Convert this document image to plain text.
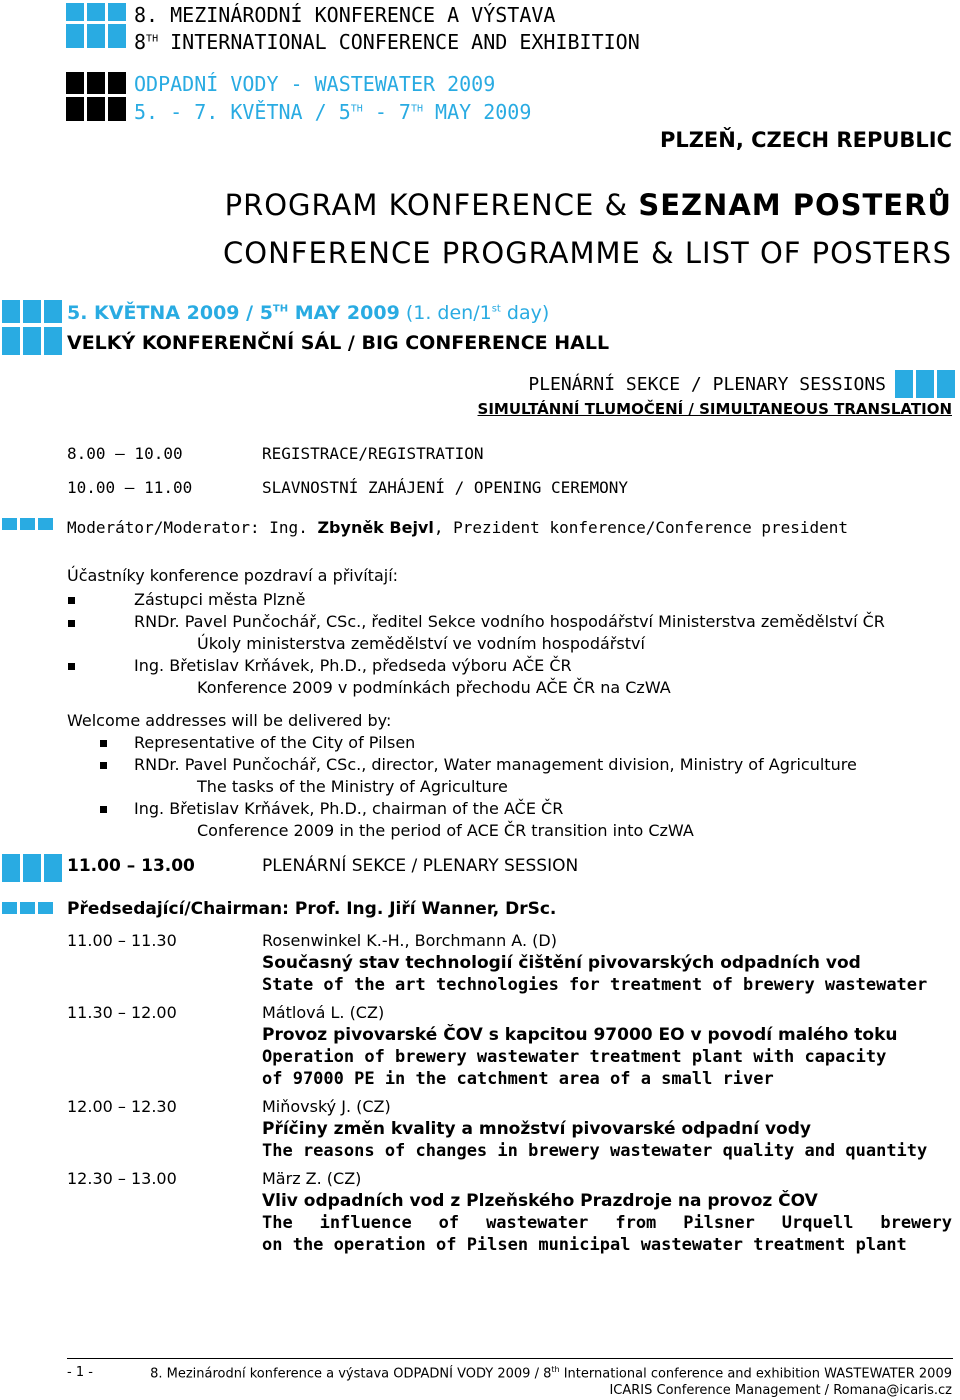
8. MEZINÁRODNÍ KONFERENCE A VÝSTAVA
8TH INTERNATIONAL CONFERENCE AND EXHIBITION
ODPADNÍ VODY - WASTEWATER 2009
5. - 7. KVĚTNA / 5TH - 7TH MAY 2009
PLZEŇ, CZECH REPUBLIC
PROGRAM KONFERENCE & SEZNAM POSTERŮ
CONFERENCE PROGRAMME & LIST OF POSTERS
5. KVĚTNA 2009 / 5TH MAY 2009 (1. den/1st day)
VELKÝ KONFERENČNÍ SÁL / BIG CONFERENCE HALL
PLENÁRNÍ SEKCE / PLENARY SESSIONS
SIMULTÁNNÍ TLUMOČENÍ / SIMULTANEOUS TRANSLATION
8.00 – 10.00	REGISTRACE/REGISTRATION
10.00 – 11.00	SLAVNOSTNÍ ZAHÁJENÍ / OPENING CEREMONY
Moderátor/Moderator: Ing. Zbyněk Bejvl, Prezident konference/Conference president
Účastníky konference pozdraví a přivítají:
Zástupci města Plzně
RNDr. Pavel Punčochář, CSc., ředitel Sekce vodního hospodářství Ministerstva zemědělství ČR
Úkoly ministerstva zemědělství ve vodním hospodářství
Ing. Břetislav Krňávek, Ph.D., předseda výboru AČE ČR
Konference 2009 v podmínkách přechodu AČE ČR na CzWA
Welcome addresses will be delivered by:
Representative of the City of Pilsen
RNDr. Pavel Punčochář, CSc., director, Water management division, Ministry of Agriculture
The tasks of the Ministry of Agriculture
Ing. Břetislav Krňávek, Ph.D., chairman of the AČE ČR
Conference 2009 in the period of ACE ČR transition into CzWA
11.00 – 13.00	PLENÁRNÍ SEKCE / PLENARY SESSION
Předsedající/Chairman: Prof. Ing. Jiří Wanner, DrSc.
11.00 – 11.30	Rosenwinkel K.-H., Borchmann A. (D)
Současný stav technologií čištění pivovarských odpadních vod
State of the art technologies for treatment of brewery wastewater
11.30 – 12.00	Mátlová L. (CZ)
Provoz pivovarské ČOV s kapcitou 97000 EO v povodí malého toku
Operation of brewery wastewater treatment plant with capacity
of 97000 PE in the catchment area of a small river
12.00 – 12.30	Miňovský J. (CZ)
Příčiny změn kvality a množství pivovarské odpadní vody
The reasons of changes in brewery wastewater quality and quantity
12.30 – 13.00	März Z. (CZ)
Vliv odpadních vod z Plzeňského Prazdroje na provoz ČOV
The influence of wastewater from Pilsner Urquell brewery
on the operation of Pilsen municipal wastewater treatment plant
- 1 -	8. Mezinárodní konference a výstava ODPADNÍ VODY 2009 / 8th International conference and exhibition WASTEWATER 2009
ICARIS Conference Management / Romana@icaris.cz
